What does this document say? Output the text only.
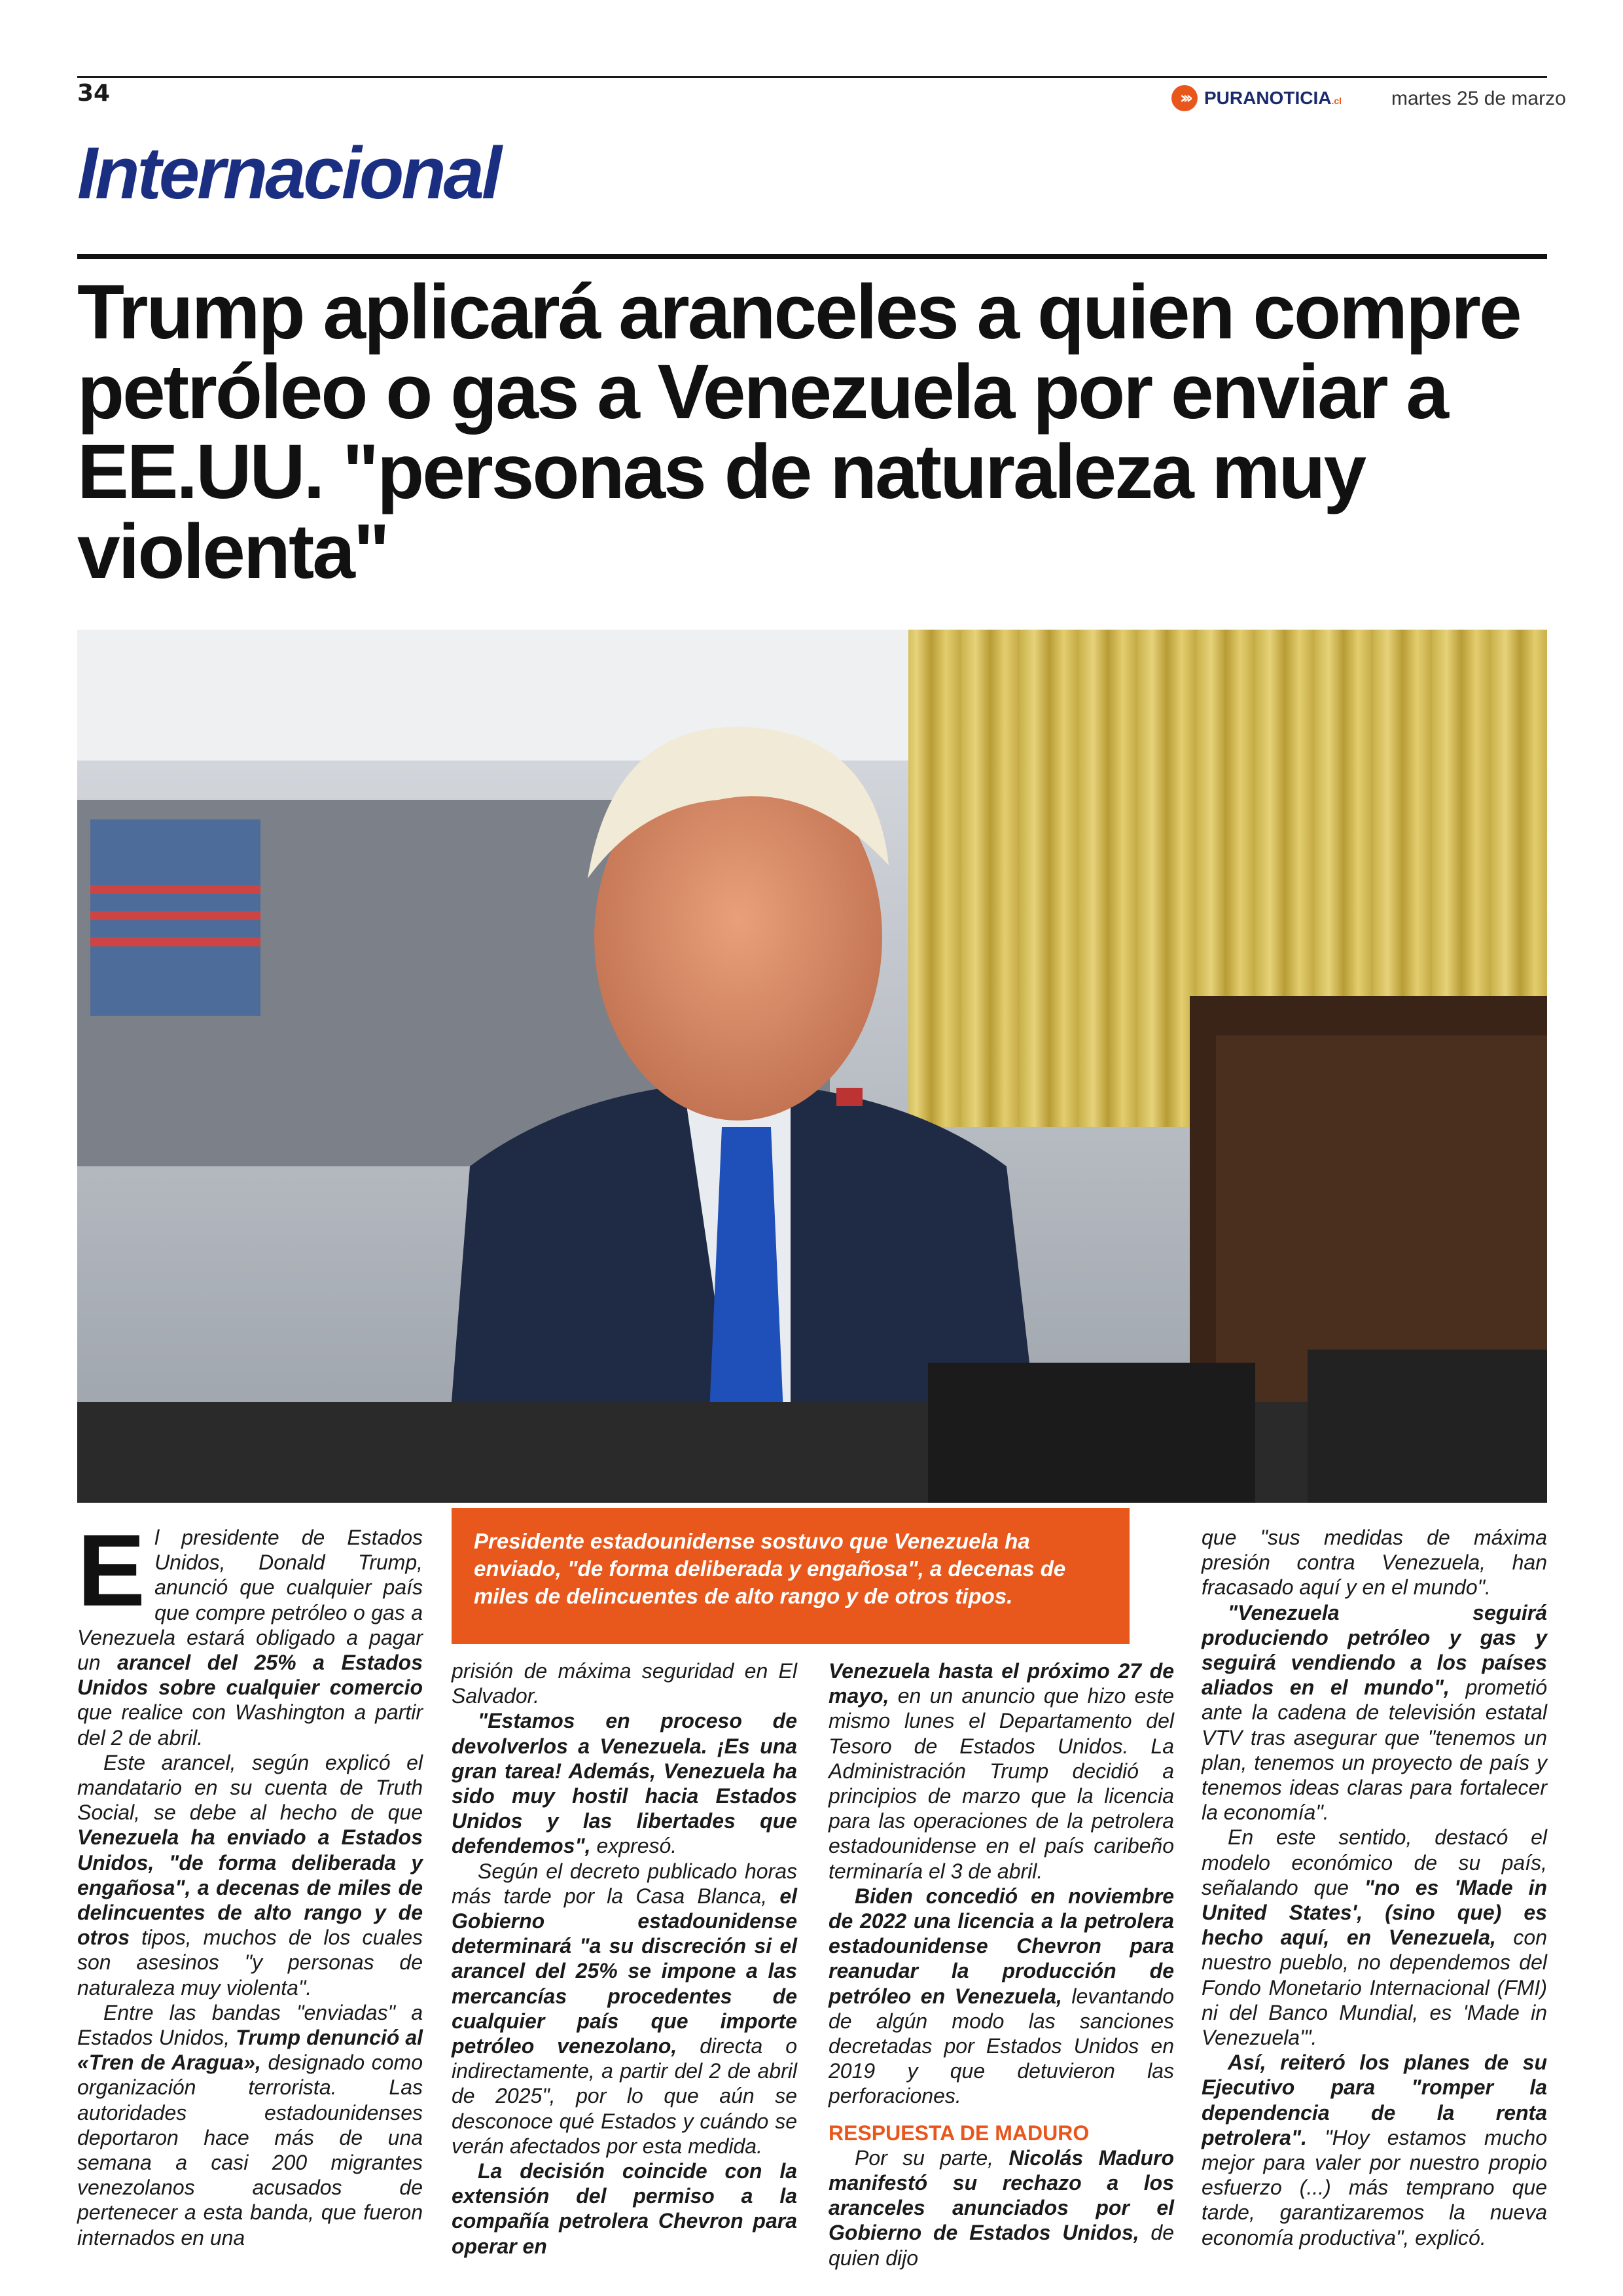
34	››› PURANOTICIA.cl	martes 25 de marzo
Internacional
Trump aplicará aranceles a quien compre petróleo o gas a Venezuela por enviar a EE.UU. "personas de naturaleza muy violenta"
E l presidente de Estados Unidos, Donald Trump, anunció que cualquier país que compre petróleo o gas a Venezuela estará obligado a pagar un arancel del 25% a Estados Unidos sobre cualquier comercio que realice con Washington a partir del 2 de abril.

Este arancel, según explicó el mandatario en su cuenta de Truth Social, se debe al hecho de que Venezuela ha enviado a Estados Unidos, "de forma deliberada y engañosa", a decenas de miles de delincuentes de alto rango y de otros tipos, muchos de los cuales son asesinos "y personas de naturaleza muy violenta".

Entre las bandas "enviadas" a Estados Unidos, Trump denunció al «Tren de Aragua», designado como organización terrorista. Las autoridades estadounidenses deportaron hace más de una semana a casi 200 migrantes venezolanos acusados de pertenecer a esta banda, que fueron internados en una

Presidente estadounidense sostuvo que Venezuela ha enviado, "de forma deliberada y engañosa", a decenas de miles de delincuentes de alto rango y de otros tipos.

prisión de máxima seguridad en El Salvador.

"Estamos en proceso de devolverlos a Venezuela. ¡Es una gran tarea! Además, Venezuela ha sido muy hostil hacia Estados Unidos y las libertades que defendemos", expresó.

Según el decreto publicado horas más tarde por la Casa Blanca, el Gobierno estadounidense determinará "a su discreción si el arancel del 25% se impone a las mercancías procedentes de cualquier país que importe petróleo venezolano, directa o indirectamente, a partir del 2 de abril de 2025", por lo que aún se desconoce qué Estados y cuándo se verán afectados por esta medida.

La decisión coincide con la extensión del permiso a la compañía petrolera Chevron para operar en

Venezuela hasta el próximo 27 de mayo, en un anuncio que hizo este mismo lunes el Departamento del Tesoro de Estados Unidos. La Administración Trump decidió a principios de marzo que la licencia para las operaciones de la petrolera estadounidense en el país caribeño terminaría el 3 de abril.

Biden concedió en noviembre de 2022 una licencia a la petrolera estadounidense Chevron para reanudar la producción de petróleo en Venezuela, levantando de algún modo las sanciones decretadas por Estados Unidos en 2019 y que detuvieron las perforaciones.

RESPUESTA DE MADURO

Por su parte, Nicolás Maduro manifestó su rechazo a los aranceles anunciados por el Gobierno de Estados Unidos, de quien dijo

que "sus medidas de máxima presión contra Venezuela, han fracasado aquí y en el mundo".

"Venezuela seguirá produciendo petróleo y gas y seguirá vendiendo a los países aliados en el mundo", prometió ante la cadena de televisión estatal VTV tras asegurar que "tenemos un plan, tenemos un proyecto de país y tenemos ideas claras para fortalecer la economía".

En este sentido, destacó el modelo económico de su país, señalando que "no es 'Made in United States', (sino que) es hecho aquí, en Venezuela, con nuestro pueblo, no dependemos del Fondo Monetario Internacional (FMI) ni del Banco Mundial, es 'Made in Venezuela'".

Así, reiteró los planes de su Ejecutivo para "romper la dependencia de la renta petrolera". "Hoy estamos mucho mejor para valer por nuestro propio esfuerzo (...) más temprano que tarde, garantizaremos la nueva economía productiva", explicó.
